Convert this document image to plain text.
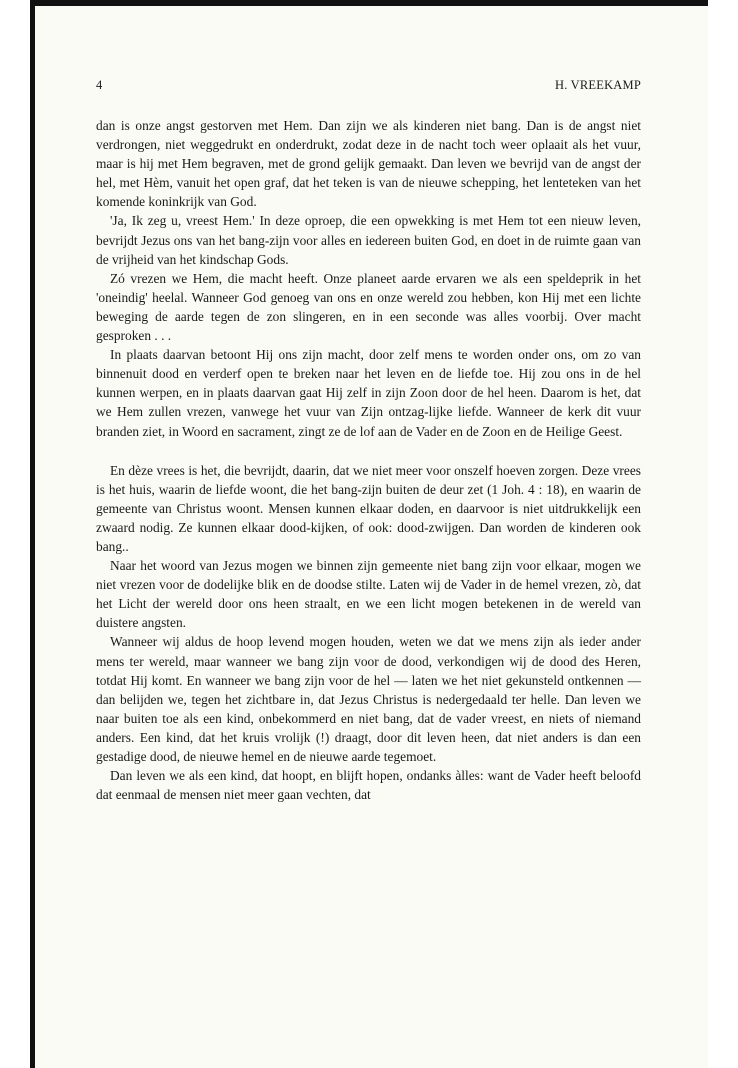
4	H. VREEKAMP

dan is onze angst gestorven met Hem. Dan zijn we als kinderen niet bang. Dan is de angst niet verdrongen, niet weggedrukt en onderdrukt, zodat deze in de nacht toch weer oplaait als het vuur, maar is hij met Hem begraven, met de grond gelijk gemaakt. Dan leven we bevrijd van de angst der hel, met Hèm, vanuit het open graf, dat het teken is van de nieuwe schepping, het lenteteken van het komende koninkrijk van God.

'Ja, Ik zeg u, vreest Hem.' In deze oproep, die een opwekking is met Hem tot een nieuw leven, bevrijdt Jezus ons van het bang-zijn voor alles en iedereen buiten God, en doet in de ruimte gaan van de vrijheid van het kindschap Gods.

Zó vrezen we Hem, die macht heeft. Onze planeet aarde ervaren we als een speldeprik in het 'oneindig' heelal. Wanneer God genoeg van ons en onze wereld zou hebben, kon Hij met een lichte beweging de aarde tegen de zon slingeren, en in een seconde was alles voorbij. Over macht gesproken . . .

In plaats daarvan betoont Hij ons zijn macht, door zelf mens te worden onder ons, om zo van binnenuit dood en verderf open te breken naar het leven en de liefde toe. Hij zou ons in de hel kunnen werpen, en in plaats daarvan gaat Hij zelf in zijn Zoon door de hel heen. Daarom is het, dat we Hem zullen vrezen, vanwege het vuur van Zijn ontzag-lijke liefde. Wanneer de kerk dit vuur branden ziet, in Woord en sacrament, zingt ze de lof aan de Vader en de Zoon en de Heilige Geest.

En dèze vrees is het, die bevrijdt, daarin, dat we niet meer voor onszelf hoeven zorgen. Deze vrees is het huis, waarin de liefde woont, die het bang-zijn buiten de deur zet (1 Joh. 4 : 18), en waarin de gemeente van Christus woont. Mensen kunnen elkaar doden, en daarvoor is niet uitdrukkelijk een zwaard nodig. Ze kunnen elkaar dood-kijken, of ook: dood-zwijgen. Dan worden de kinderen ook bang..

Naar het woord van Jezus mogen we binnen zijn gemeente niet bang zijn voor elkaar, mogen we niet vrezen voor de dodelijke blik en de doodse stilte. Laten wij de Vader in de hemel vrezen, zò, dat het Licht der wereld door ons heen straalt, en we een licht mogen betekenen in de wereld van duistere angsten.

Wanneer wij aldus de hoop levend mogen houden, weten we dat we mens zijn als ieder ander mens ter wereld, maar wanneer we bang zijn voor de dood, verkondigen wij de dood des Heren, totdat Hij komt. En wanneer we bang zijn voor de hel — laten we het niet gekunsteld ontkennen — dan belijden we, tegen het zichtbare in, dat Jezus Christus is nedergedaald ter helle. Dan leven we naar buiten toe als een kind, onbekommerd en niet bang, dat de vader vreest, en niets of niemand anders. Een kind, dat het kruis vrolijk (!) draagt, door dit leven heen, dat niet anders is dan een gestadige dood, de nieuwe hemel en de nieuwe aarde tegemoet.

Dan leven we als een kind, dat hoopt, en blijft hopen, ondanks àlles: want de Vader heeft beloofd dat eenmaal de mensen niet meer gaan vechten, dat
